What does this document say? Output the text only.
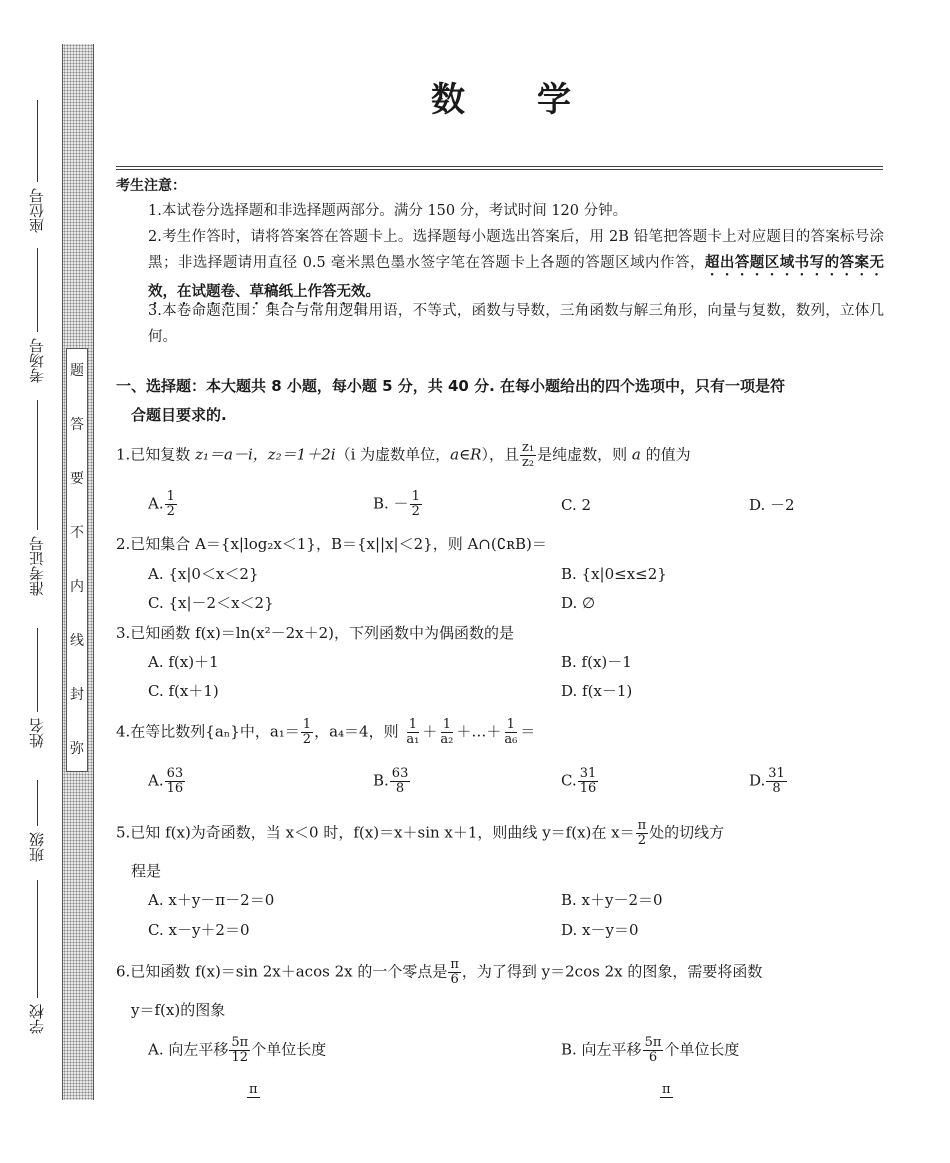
座位号
考场号
准考证号
姓名
班级
学校
题
答
要
不
内
线
封
弥
数学
考生注意：
1.本试卷分选择题和非选择题两部分。满分 150 分，考试时间 120 分钟。
2.考生作答时，请将答案答在答题卡上。选择题每小题选出答案后，用 2B 铅笔把答题卡上对应题目的答案标号涂黑；非选择题请用直径 0.5 毫米黑色墨水签字笔在答题卡上各题的答题区域内作答，超出答题区域书写的答案无效，在试题卷、草稿纸上作答无效。
3.本卷命题范围：集合与常用逻辑用语，不等式，函数与导数，三角函数与解三角形，向量与复数，数列，立体几何。
一、选择题：本大题共 8 小题，每小题 5 分，共 40 分. 在每小题给出的四个选项中，只有一项是符
合题目要求的.
1.已知复数 z₁＝a－i，z₂＝1＋2i（i 为虚数单位，a∈R），且 $\frac{\text{z₁}}{\text{z₂}}$ 是纯虚数，则 a 的值为
A. $\frac{1}{2}$	B. － $\frac{1}{2}$	C. 2	D. －2
2.已知集合 A＝{x|log₂x＜1}，B＝{x||x|＜2}，则 A∩(∁ʀB)＝
A. {x|0＜x＜2}	B. {x|0≤x≤2}
C. {x|－2＜x＜2}	D. ∅
3.已知函数 f(x)＝ln(x²－2x＋2)，下列函数中为偶函数的是
A. f(x)＋1	B. f(x)－1
C. f(x＋1)	D. f(x－1)
4.在等比数列{aₙ}中，$a_1= \frac{1}{2}$ ，a₄＝4，则 $\frac{1}{\text{a₁}} + \frac{1}{\text{a₂}}$ ＋…＋ $\frac{1}{\text{a₆}}$ ＝
A. $\frac{63}{16}$	B. $\frac{63}{8}$	C. $\frac{31}{16}$	D. $\frac{31}{8}$
5.已知 f(x)为奇函数，当 x＜0 时，f(x)＝x＋sin x＋1，则曲线 y＝f(x)在 $x= \frac{\pi}{2}$ 处的切线方
程是
A. x＋y－π－2＝0	B. x＋y－2＝0
C. x－y＋2＝0	D. x－y＝0
6.已知函数 f(x)＝sin 2x＋acos 2x 的一个零点是 $\frac{\pi}{6}$ ，为了得到 y＝2cos 2x 的图象，需要将函数
y＝f(x)的图象
A. 向左平移 $\frac{5\pi}{12}$ 个单位长度	B. 向左平移 $\frac{5\pi}{6}$ 个单位长度
π	π
